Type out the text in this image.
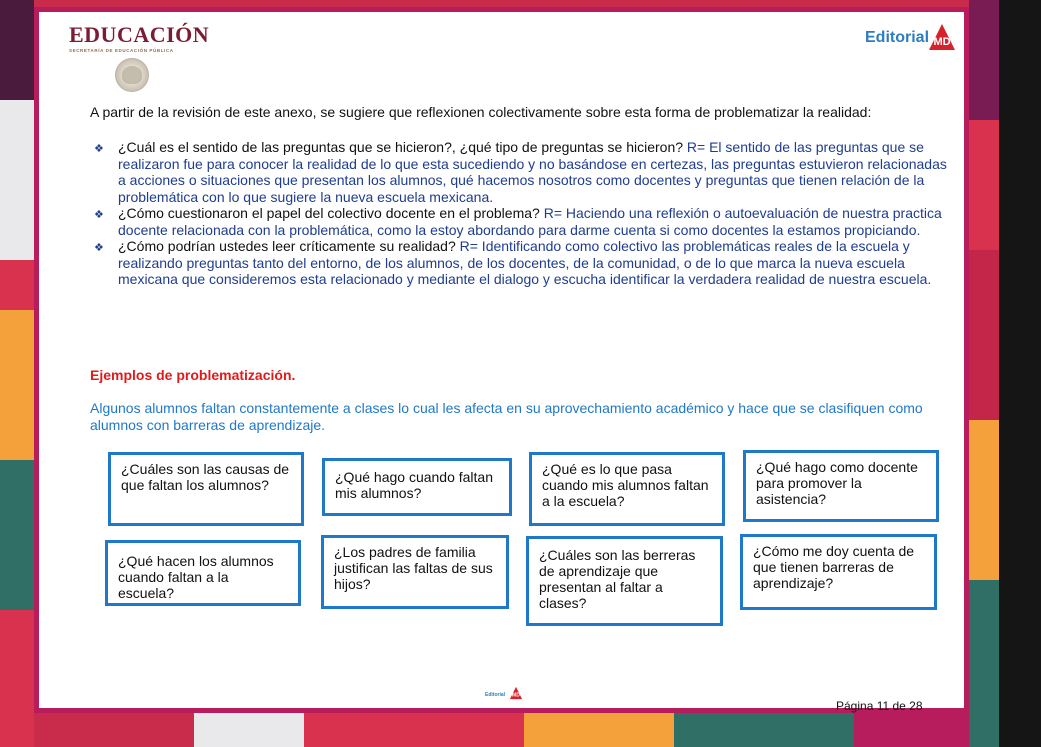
EDUCACIÓN
SECRETARÍA DE EDUCACIÓN PÚBLICA
Editorial MD
A partir de la revisión de este anexo, se sugiere que reflexionen colectivamente sobre esta forma de problematizar la realidad:
❖	¿Cuál es el sentido de las preguntas que se hicieron?, ¿qué tipo de preguntas se hicieron? R= El sentido de las preguntas que se realizaron fue para conocer la realidad de lo que esta sucediendo y no basándose en certezas, las preguntas estuvieron relacionadas a acciones o situaciones que presentan los alumnos, qué hacemos nosotros como docentes y preguntas que tienen relación de la problemática con lo que sugiere la nueva escuela mexicana.
❖	¿Cómo cuestionaron el papel del colectivo docente en el problema? R= Haciendo una reflexión o autoevaluación de nuestra practica docente relacionada con la problemática, como la estoy abordando para darme cuenta si como docentes la estamos propiciando.
❖	¿Cómo podrían ustedes leer críticamente su realidad? R= Identificando como colectivo las problemáticas reales de la escuela y realizando preguntas tanto del entorno, de los alumnos, de los docentes, de la comunidad, o de lo que marca la nueva escuela mexicana que consideremos esta relacionado y mediante el dialogo y escucha identificar la verdadera realidad de nuestra escuela.
Ejemplos de problematización.
Algunos alumnos faltan constantemente a clases lo cual les afecta en su aprovechamiento académico y hace que se clasifiquen como alumnos con barreras de aprendizaje.
¿Cuáles son las causas de que faltan los alumnos?	¿Qué hago cuando faltan mis alumnos?
¿Qué es lo que pasa cuando mis alumnos faltan a la escuela?
¿Qué hago como docente para promover la asistencia?
¿Qué hacen los alumnos cuando faltan a la escuela?
¿Los padres de familia justifican las faltas de sus hijos?
¿Cuáles son las berreras de aprendizaje que presentan al faltar a clases?
¿Cómo me doy cuenta de que tienen barreras de aprendizaje?
Editorial MD
Página 11 de 28
